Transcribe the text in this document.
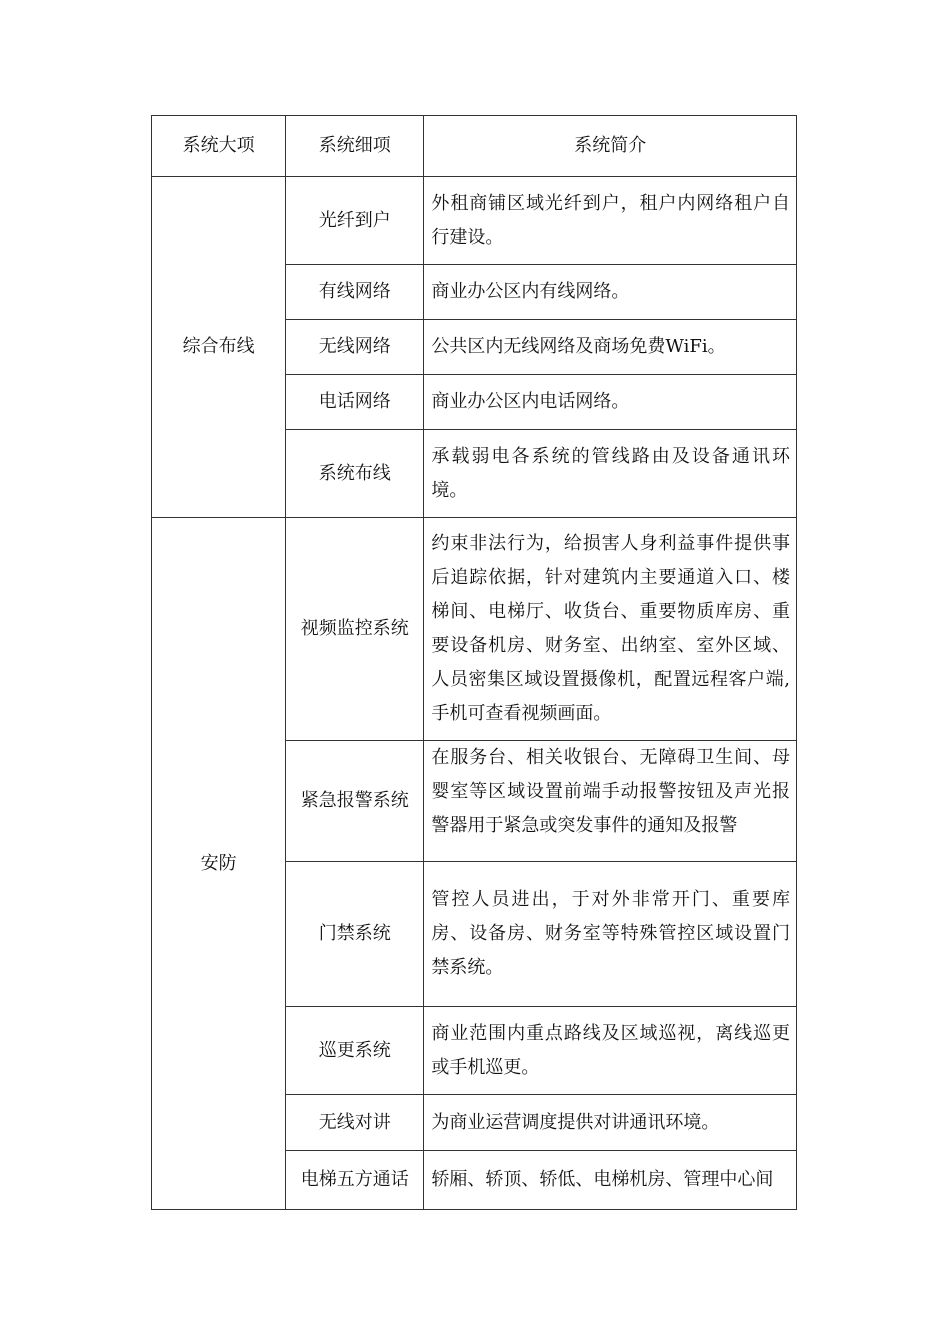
系统大项	系统细项	系统简介
综合布线	光纤到户	外租商铺区域光纤到户，租户内网络租户自行建设。
	有线网络	商业办公区内有线网络。
	无线网络	公共区内无线网络及商场免费WiFi。
	电话网络	商业办公区内电话网络。
	系统布线	承载弱电各系统的管线路由及设备通讯环境。
安防	视频监控系统	约束非法行为，给损害人身利益事件提供事后追踪依据，针对建筑内主要通道入口、楼梯间、电梯厅、收货台、重要物质库房、重要设备机房、财务室、出纳室、室外区域、人员密集区域设置摄像机，配置远程客户端,手机可查看视频画面。
	紧急报警系统	在服务台、相关收银台、无障碍卫生间、母婴室等区域设置前端手动报警按钮及声光报警器用于紧急或突发事件的通知及报警

	门禁系统	管控人员进出，于对外非常开门、重要库房、设备房、财务室等特殊管控区域设置门禁系统。
	巡更系统	商业范围内重点路线及区域巡视，离线巡更或手机巡更。
	无线对讲	为商业运营调度提供对讲通讯环境。
	电梯五方通话	轿厢、轿顶、轿低、电梯机房、管理中心间
